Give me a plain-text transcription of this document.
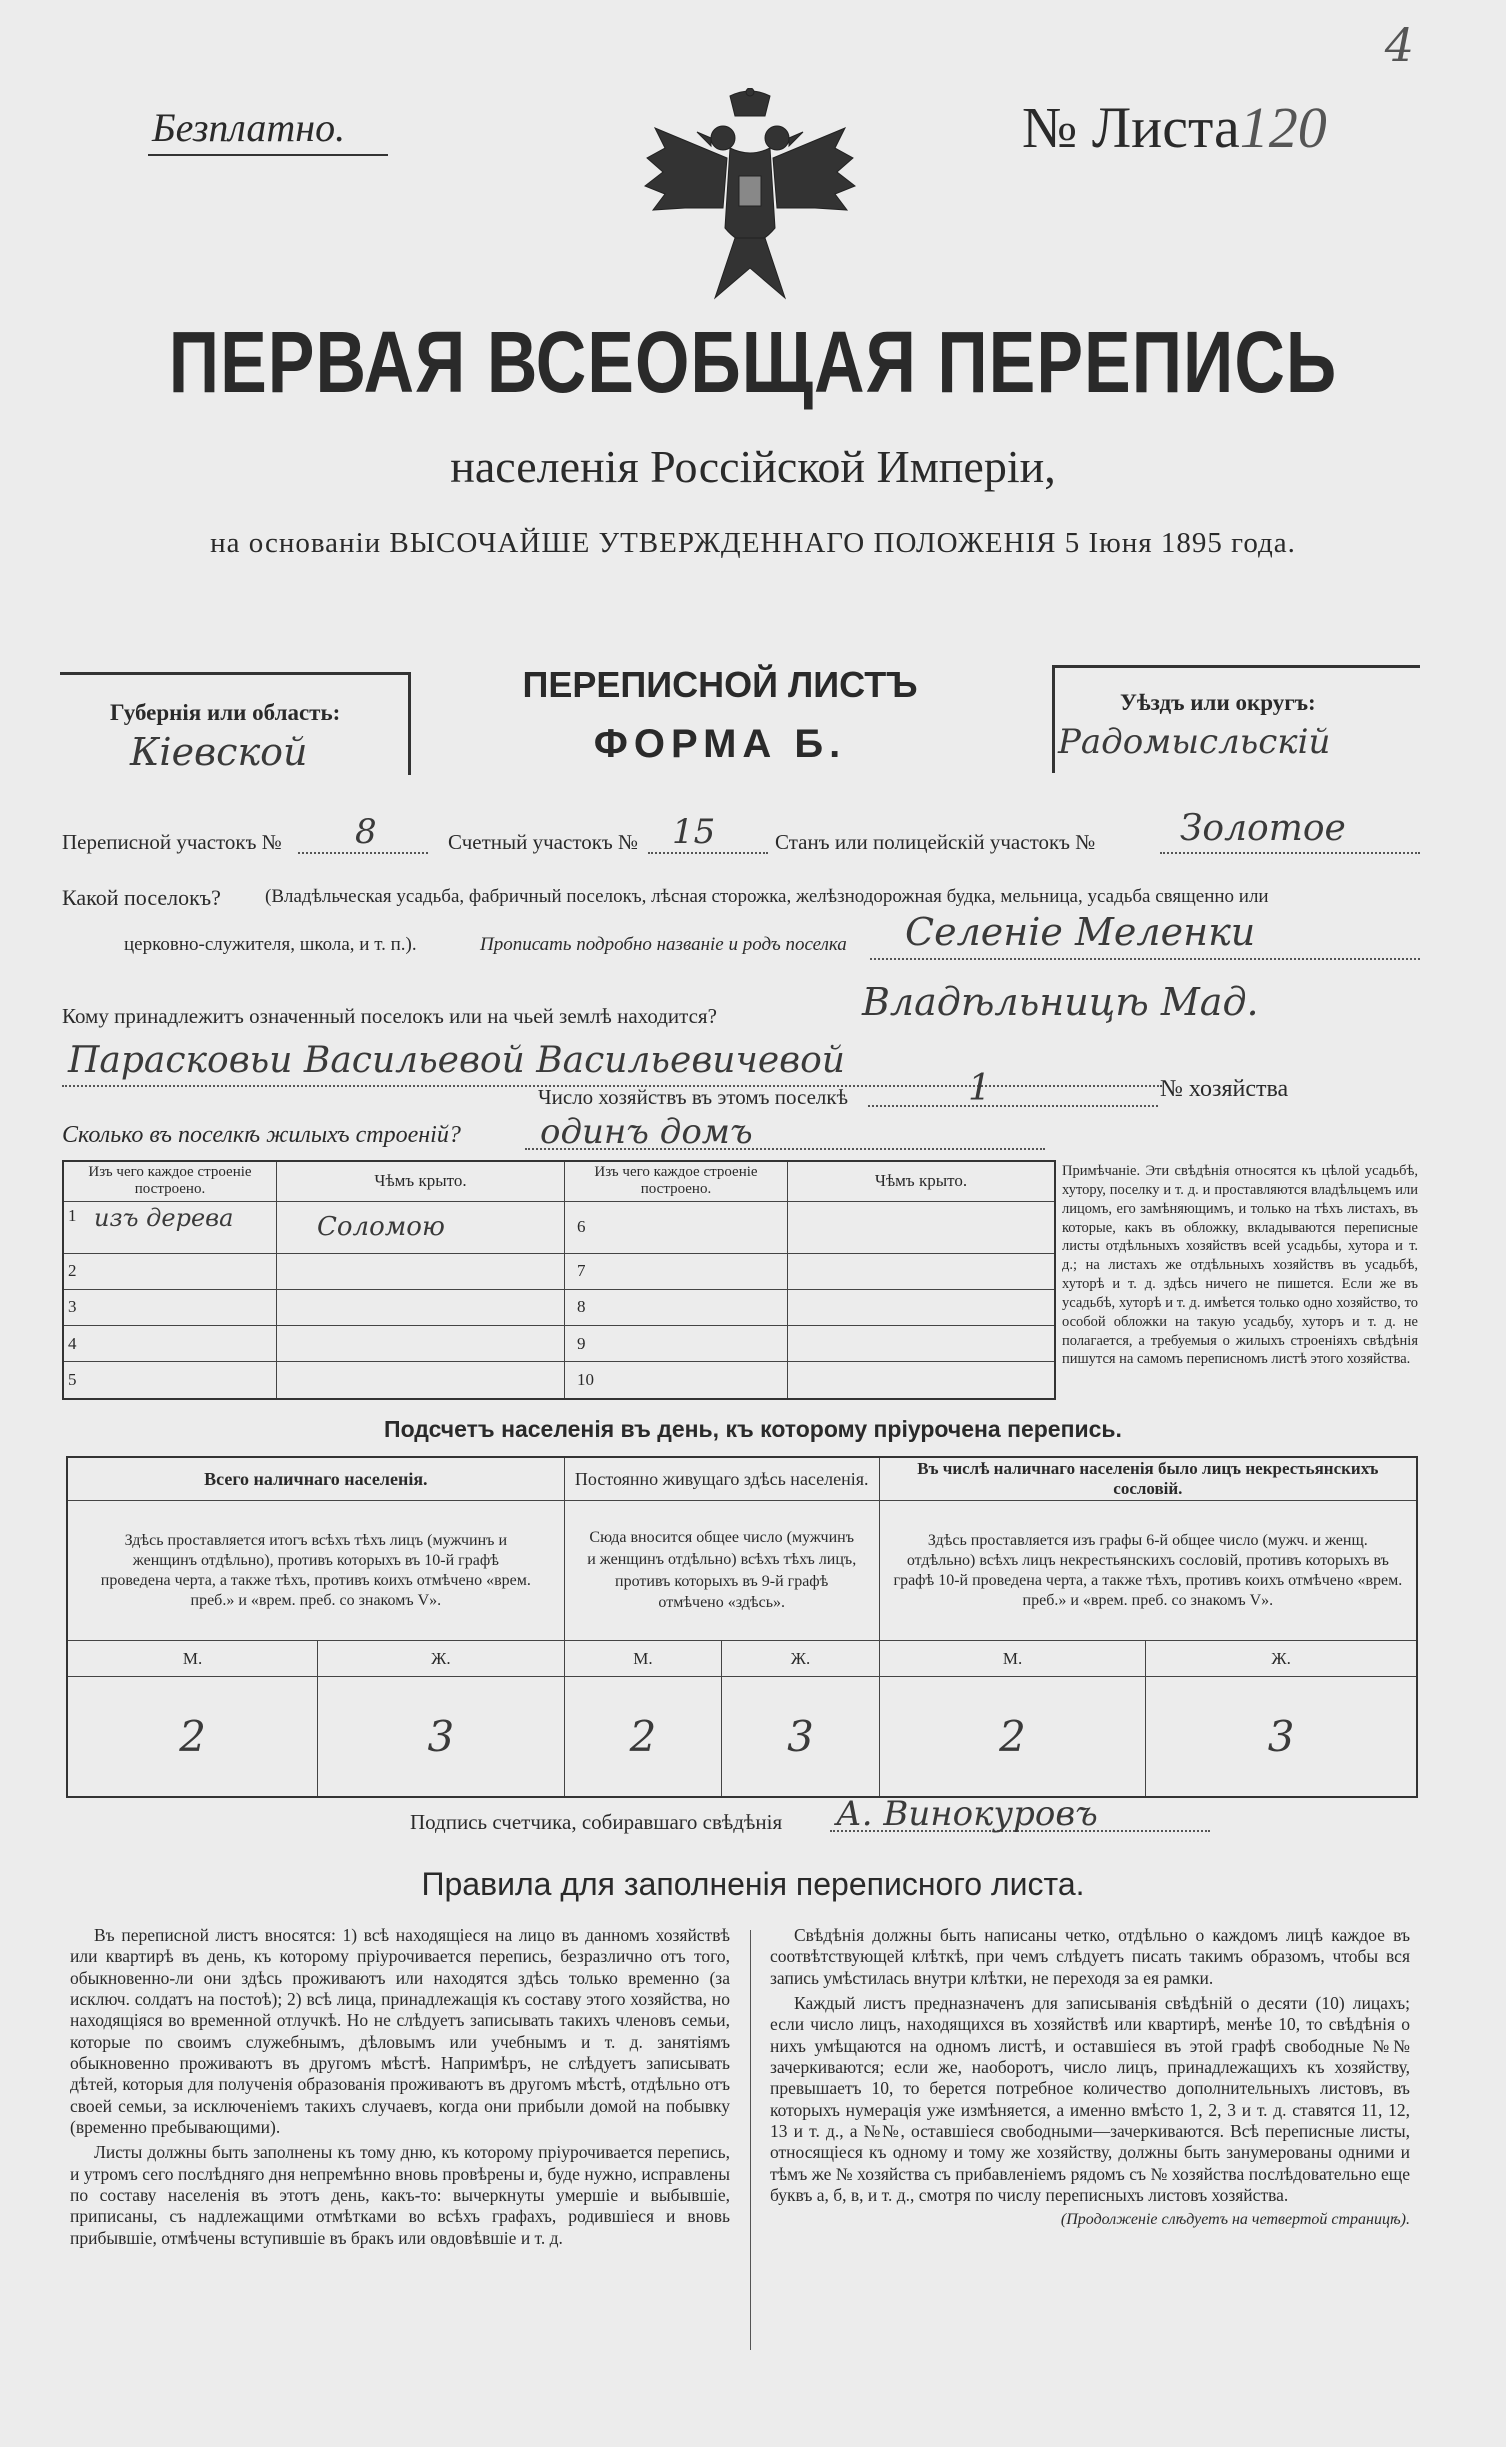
4
Безплатно.	№ Листа120
ПЕРВАЯ ВСЕОБЩАЯ ПЕРЕПИСЬ
населенія Россійской Имперіи,
на основаніи ВЫСОЧАЙШЕ УТВЕРЖДЕННАГО ПОЛОЖЕНІЯ 5 Іюня 1895 года.
Губернія или область:
Кіевской
ПЕРЕПИСНОЙ ЛИСТЪ
ФОРМА Б.
Уѣздъ или округъ:
Радомысльскій
Переписной участокъ № 8	Счетный участокъ № 15	Станъ или полицейскій участокъ № Золотое
Какой поселокъ? (Владѣльческая усадьба, фабричный поселокъ, лѣсная сторожка, желѣзнодорожная будка, мельница, усадьба священно или
церковно-служителя, школа, и т. п.).	Прописать подробно названіе и родъ поселка Селеніе Меленки
Кому принадлежитъ означенный поселокъ или на чьей землѣ находится?	Владѣльницѣ Мад.
Парасковьи Васильевой Васильевичевой
Число хозяйствъ въ этомъ поселкѣ	1	№ хозяйства
Сколько въ поселкѣ жилыхъ строеній? одинъ домъ
Изъ чего каждое строеніе построено.	Чѣмъ крыто.	Изъ чего каждое строеніе построено.	Чѣмъ крыто.

1 изъ дерева	Соломою	6	
2		7	
3		8	
4		9	
5		10	
Примѣчаніе. Эти свѣдѣнія относятся къ цѣлой усадьбѣ, хутору, поселку и т. д. и проставляются владѣльцемъ или лицомъ, его замѣняющимъ, и только на тѣхъ листахъ, въ которые, какъ въ обложку, вкладываются переписные листы отдѣльныхъ хозяйствъ всей усадьбы, хутора и т. д.; на листахъ же отдѣльныхъ хозяйствъ въ усадьбѣ, хуторѣ и т. д. здѣсь ничего не пишется. Если же въ усадьбѣ, хуторѣ и т. д. имѣется только одно хозяйство, то особой обложки на такую усадьбу, хуторъ и т. д. не полагается, а требуемыя о жилыхъ строеніяхъ свѣдѣнія пишутся на самомъ переписномъ листѣ этого хозяйства.
Подсчетъ населенія въ день, къ которому пріурочена перепись.
Всего наличнаго населенія.		Постоянно живущаго здѣсь населенія.		Въ числѣ наличнаго населенія было лицъ некрестьянскихъ сословій.	
Здѣсь проставляется итогъ всѣхъ тѣхъ лицъ (мужчинъ и женщинъ отдѣльно), противъ которыхъ въ 10-й графѣ проведена черта, а также тѣхъ, противъ коихъ отмѣчено «врем. преб.» и «врем. преб. со знакомъ V».		Сюда вносится общее число (мужчинъ и женщинъ отдѣльно) всѣхъ тѣхъ лицъ, противъ которыхъ въ 9-й графѣ отмѣчено «здѣсь».		Здѣсь проставляется изъ графы 6-й общее число (мужч. и женщ. отдѣльно) всѣхъ лицъ некрестьянскихъ сословій, противъ которыхъ въ графѣ 10-й проведена черта, а также тѣхъ, противъ коихъ отмѣчено «врем. преб.» и «врем. преб. со знакомъ V».	
М.	Ж.	М.	Ж.	М.	Ж.
2	3	2	3	2	3
Подпись счетчика, собиравшаго свѣдѣнія А. Винокуровъ
Правила для заполненія переписного листа.

Въ переписной листъ вносятся: 1) всѣ находящіеся на лицо въ данномъ хозяйствѣ или квартирѣ въ день, къ которому пріурочивается перепись, безразлично отъ того, обыкновенно-ли они здѣсь проживаютъ или находятся здѣсь только временно (за исключ. солдатъ на постоѣ); 2) всѣ лица, принадлежащія къ составу этого хозяйства, но находящіяся во временной отлучкѣ. Но не слѣдуетъ записывать такихъ членовъ семьи, которые по своимъ служебнымъ, дѣловымъ или учебнымъ и т. д. занятіямъ обыкновенно проживаютъ въ другомъ мѣстѣ. Напримѣръ, не слѣдуетъ записывать дѣтей, которыя для полученія образованія проживаютъ въ другомъ мѣстѣ, отдѣльно отъ своей семьи, за исключеніемъ такихъ случаевъ, когда они прибыли домой на побывку (временно пребывающими).

Листы должны быть заполнены къ тому дню, къ которому пріурочивается перепись, и утромъ сего послѣдняго дня непремѣнно вновь провѣрены и, буде нужно, исправлены по составу населенія въ этотъ день, какъ-то: вычеркнуты умершіе и выбывшіе, приписаны, съ надлежащими отмѣтками во всѣхъ графахъ, родившіеся и вновь прибывшіе, отмѣчены вступившіе въ бракъ или овдовѣвшіе и т. д.

Свѣдѣнія должны быть написаны четко, отдѣльно о каждомъ лицѣ каждое въ соотвѣтствующей клѣткѣ, при чемъ слѣдуетъ писать такимъ образомъ, чтобы вся запись умѣстилась внутри клѣтки, не переходя за ея рамки.

Каждый листъ предназначенъ для записыванія свѣдѣній о десяти (10) лицахъ; если число лицъ, находящихся въ хозяйствѣ или квартирѣ, менѣе 10, то свѣдѣнія о нихъ умѣщаются на одномъ листѣ, и оставшіеся въ этой графѣ свободные №№ зачеркиваются; если же, наоборотъ, число лицъ, принадлежащихъ къ хозяйству, превышаетъ 10, то берется потребное количество дополнительныхъ листовъ, въ которыхъ нумерація уже измѣняется, а именно вмѣсто 1, 2, 3 и т. д. ставятся 11, 12, 13 и т. д., а №№, оставшіеся свободными—зачеркиваются. Всѣ переписные листы, относящіеся къ одному и тому же хозяйству, должны быть занумерованы одними и тѣмъ же № хозяйства съ прибавленіемъ рядомъ съ № хозяйства послѣдовательно еще буквъ а, б, в, и т. д., смотря по числу переписныхъ листовъ хозяйства.

(Продолженіе слѣдуетъ на четвертой страницѣ).
